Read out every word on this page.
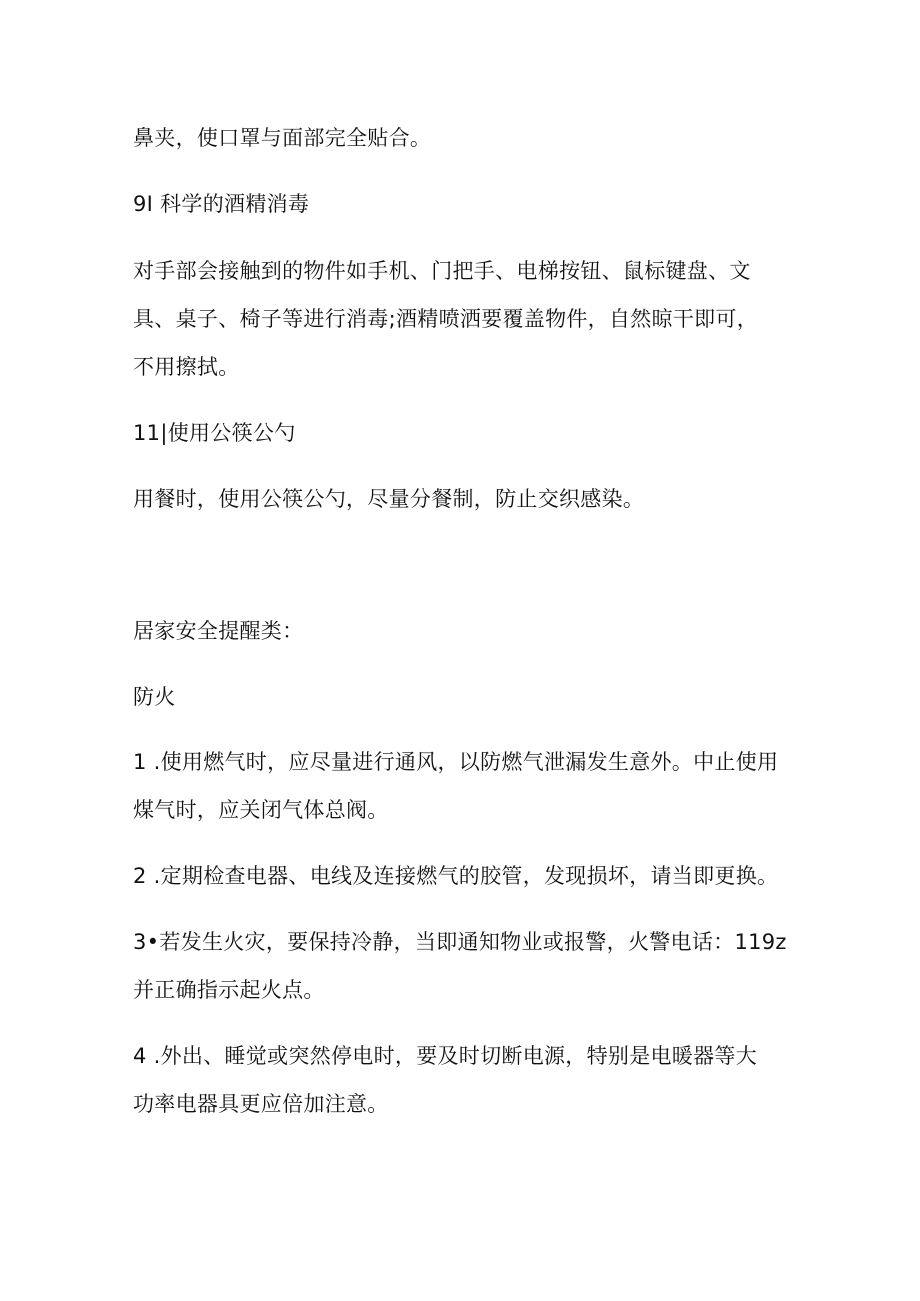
鼻夹，使口罩与面部完全贴合。
9I 科学的酒精消毒
对手部会接触到的物件如手机、门把手、电梯按钮、鼠标键盘、文
具、桌子、椅子等进行消毒;酒精喷洒要覆盖物件，自然晾干即可，
不用擦拭。
11|使用公筷公勺
用餐时，使用公筷公勺，尽量分餐制，防止交织感染。
居家安全提醒类：
防火
1 .使用燃气时，应尽量进行通风，以防燃气泄漏发生意外。中止使用
煤气时，应关闭气体总阀。
2 .定期检查电器、电线及连接燃气的胶管，发现损坏，请当即更换。
3•若发生火灾，要保持冷静，当即通知物业或报警，火警电话：119z
并正确指示起火点。
4 .外出、睡觉或突然停电时，要及时切断电源，特别是电暖器等大
功率电器具更应倍加注意。
